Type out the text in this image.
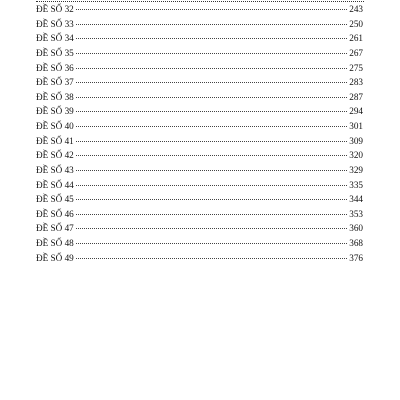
ĐỀ SỐ 32	243
ĐỀ SỐ 33	250
ĐỀ SỐ 34	261
ĐỀ SỐ 35	267
ĐỀ SỐ 36	275
ĐỀ SỐ 37	283
ĐỀ SỐ 38	287
ĐỀ SỐ 39	294
ĐỀ SỐ 40	301
ĐỀ SỐ 41	309
ĐỀ SỐ 42	320
ĐỀ SỐ 43	329
ĐỀ SỐ 44	335
ĐỀ SỐ 45	344
ĐỀ SỐ 46	353
ĐỀ SỐ 47	360
ĐỀ SỐ 48	368
ĐỀ SỐ 49	376
